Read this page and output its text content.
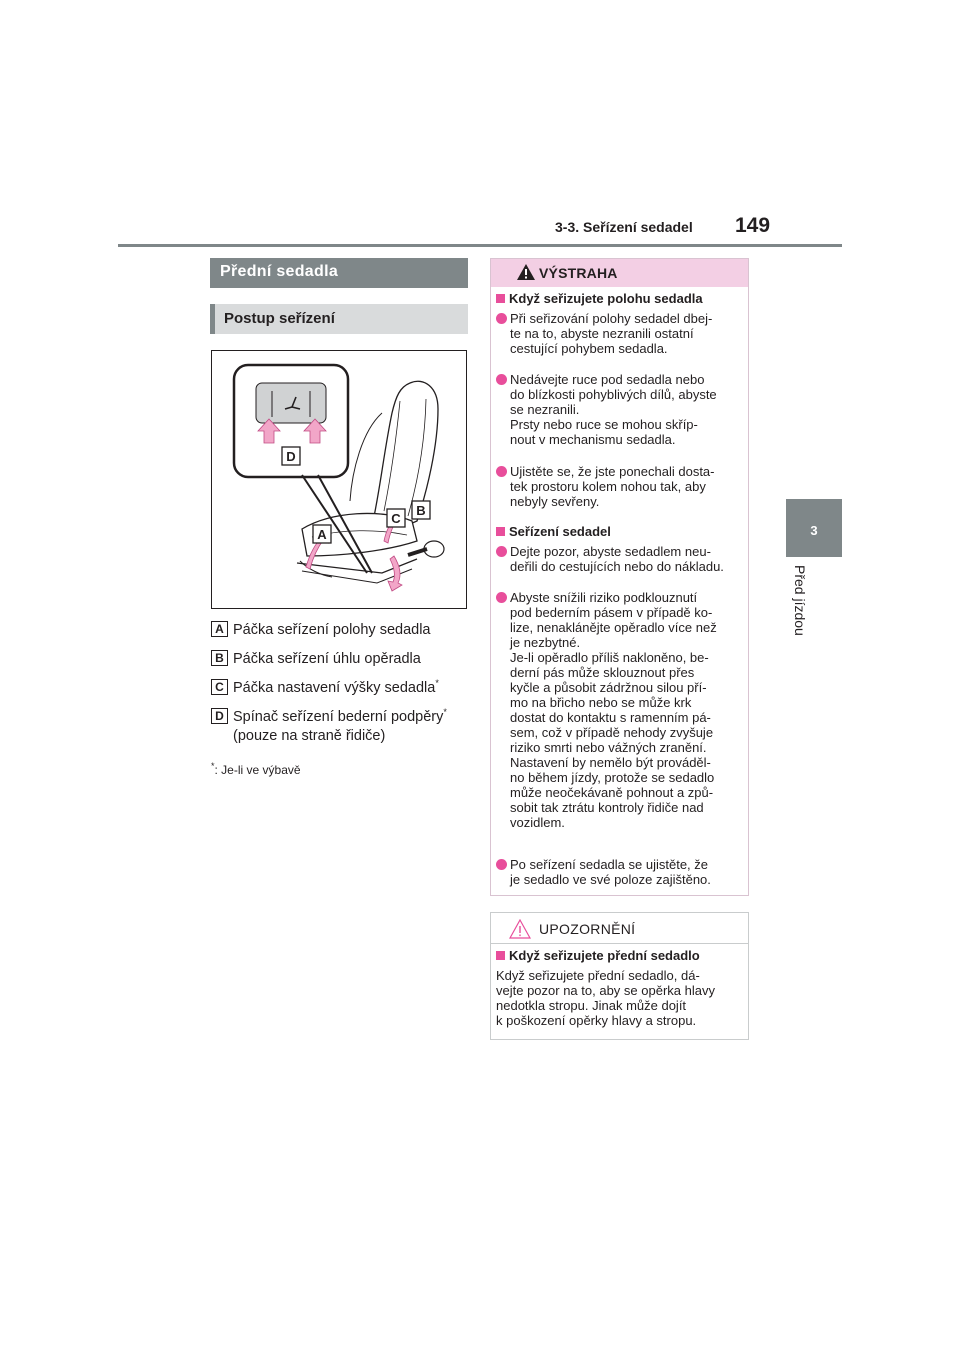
3-3. Seřízení sedadel 149
3
Před jízdou
Přední sedadla
Postup seřízení
D
A
C
B
A Páčka seřízení polohy sedadla
B Páčka seřízení úhlu opěradla
C Páčka nastavení výšky sedadla*
D Spínač seřízení bederní podpěry*
(pouze na straně řidiče)
*: Je-li ve výbavě
VÝSTRAHA
Když seřizujete polohu sedadla
Při seřizování polohy sedadel dbej-
te na to, abyste nezranili ostatní
cestující pohybem sedadla.
Nedávejte ruce pod sedadla nebo
do blízkosti pohyblivých dílů, abyste
se nezranili.
Prsty nebo ruce se mohou skříp-
nout v mechanismu sedadla.
Ujistěte se, že jste ponechali dosta-
tek prostoru kolem nohou tak, aby
nebyly sevřeny.
Seřízení sedadel
Dejte pozor, abyste sedadlem neu-
deřili do cestujících nebo do nákladu.
Abyste snížili riziko podklouznutí
pod bederním pásem v případě ko-
lize, nenaklánějte opěradlo více než
je nezbytné.
Je-li opěradlo příliš nakloněno, be-
derní pás může sklouznout přes
kyčle a působit zádržnou silou pří-
mo na břicho nebo se může krk
dostat do kontaktu s ramenním pá-
sem, což v případě nehody zvyšuje
riziko smrti nebo vážných zranění.
Nastavení by nemělo být prováděl-
no během jízdy, protože se sedadlo
může neočekávaně pohnout a způ-
sobit tak ztrátu kontroly řidiče nad
vozidlem.
Po seřízení sedadla se ujistěte, že
je sedadlo ve své poloze zajištěno.
UPOZORNĚNÍ
Když seřizujete přední sedadlo
Když seřizujete přední sedadlo, dá-
vejte pozor na to, aby se opěrka hlavy
nedotkla stropu. Jinak může dojít
k poškození opěrky hlavy a stropu.
